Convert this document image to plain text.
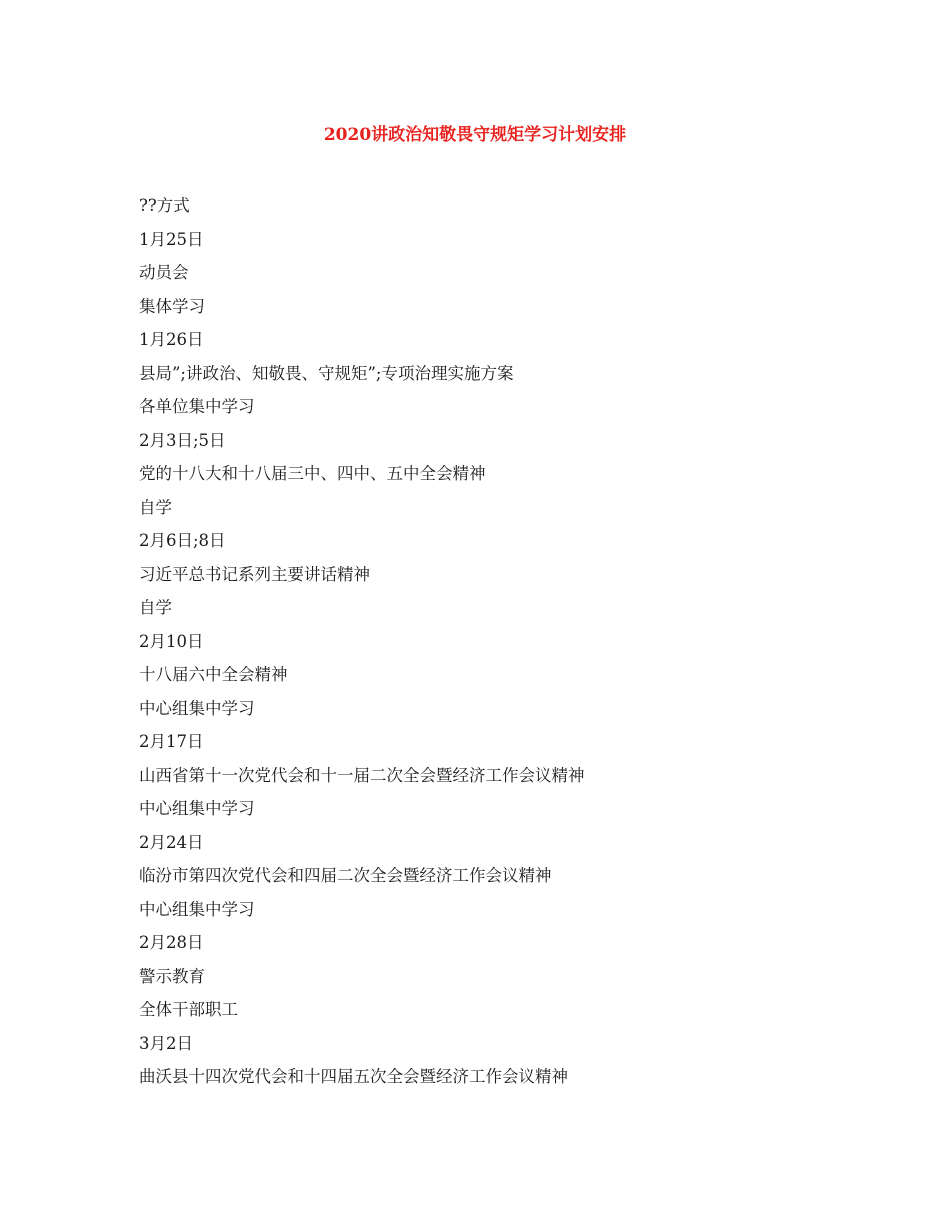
2020讲政治知敬畏守规矩学习计划安排
??方式
1月25日
动员会
集体学习
1月26日
县局”;讲政治、知敬畏、守规矩”;专项治理实施方案
各单位集中学习
2月3日;5日
党的十八大和十八届三中、四中、五中全会精神
自学
2月6日;8日
习近平总书记系列主要讲话精神
自学
2月10日
十八届六中全会精神
中心组集中学习
2月17日
山西省第十一次党代会和十一届二次全会暨经济工作会议精神
中心组集中学习
2月24日
临汾市第四次党代会和四届二次全会暨经济工作会议精神
中心组集中学习
2月28日
警示教育
全体干部职工
3月2日
曲沃县十四次党代会和十四届五次全会暨经济工作会议精神
